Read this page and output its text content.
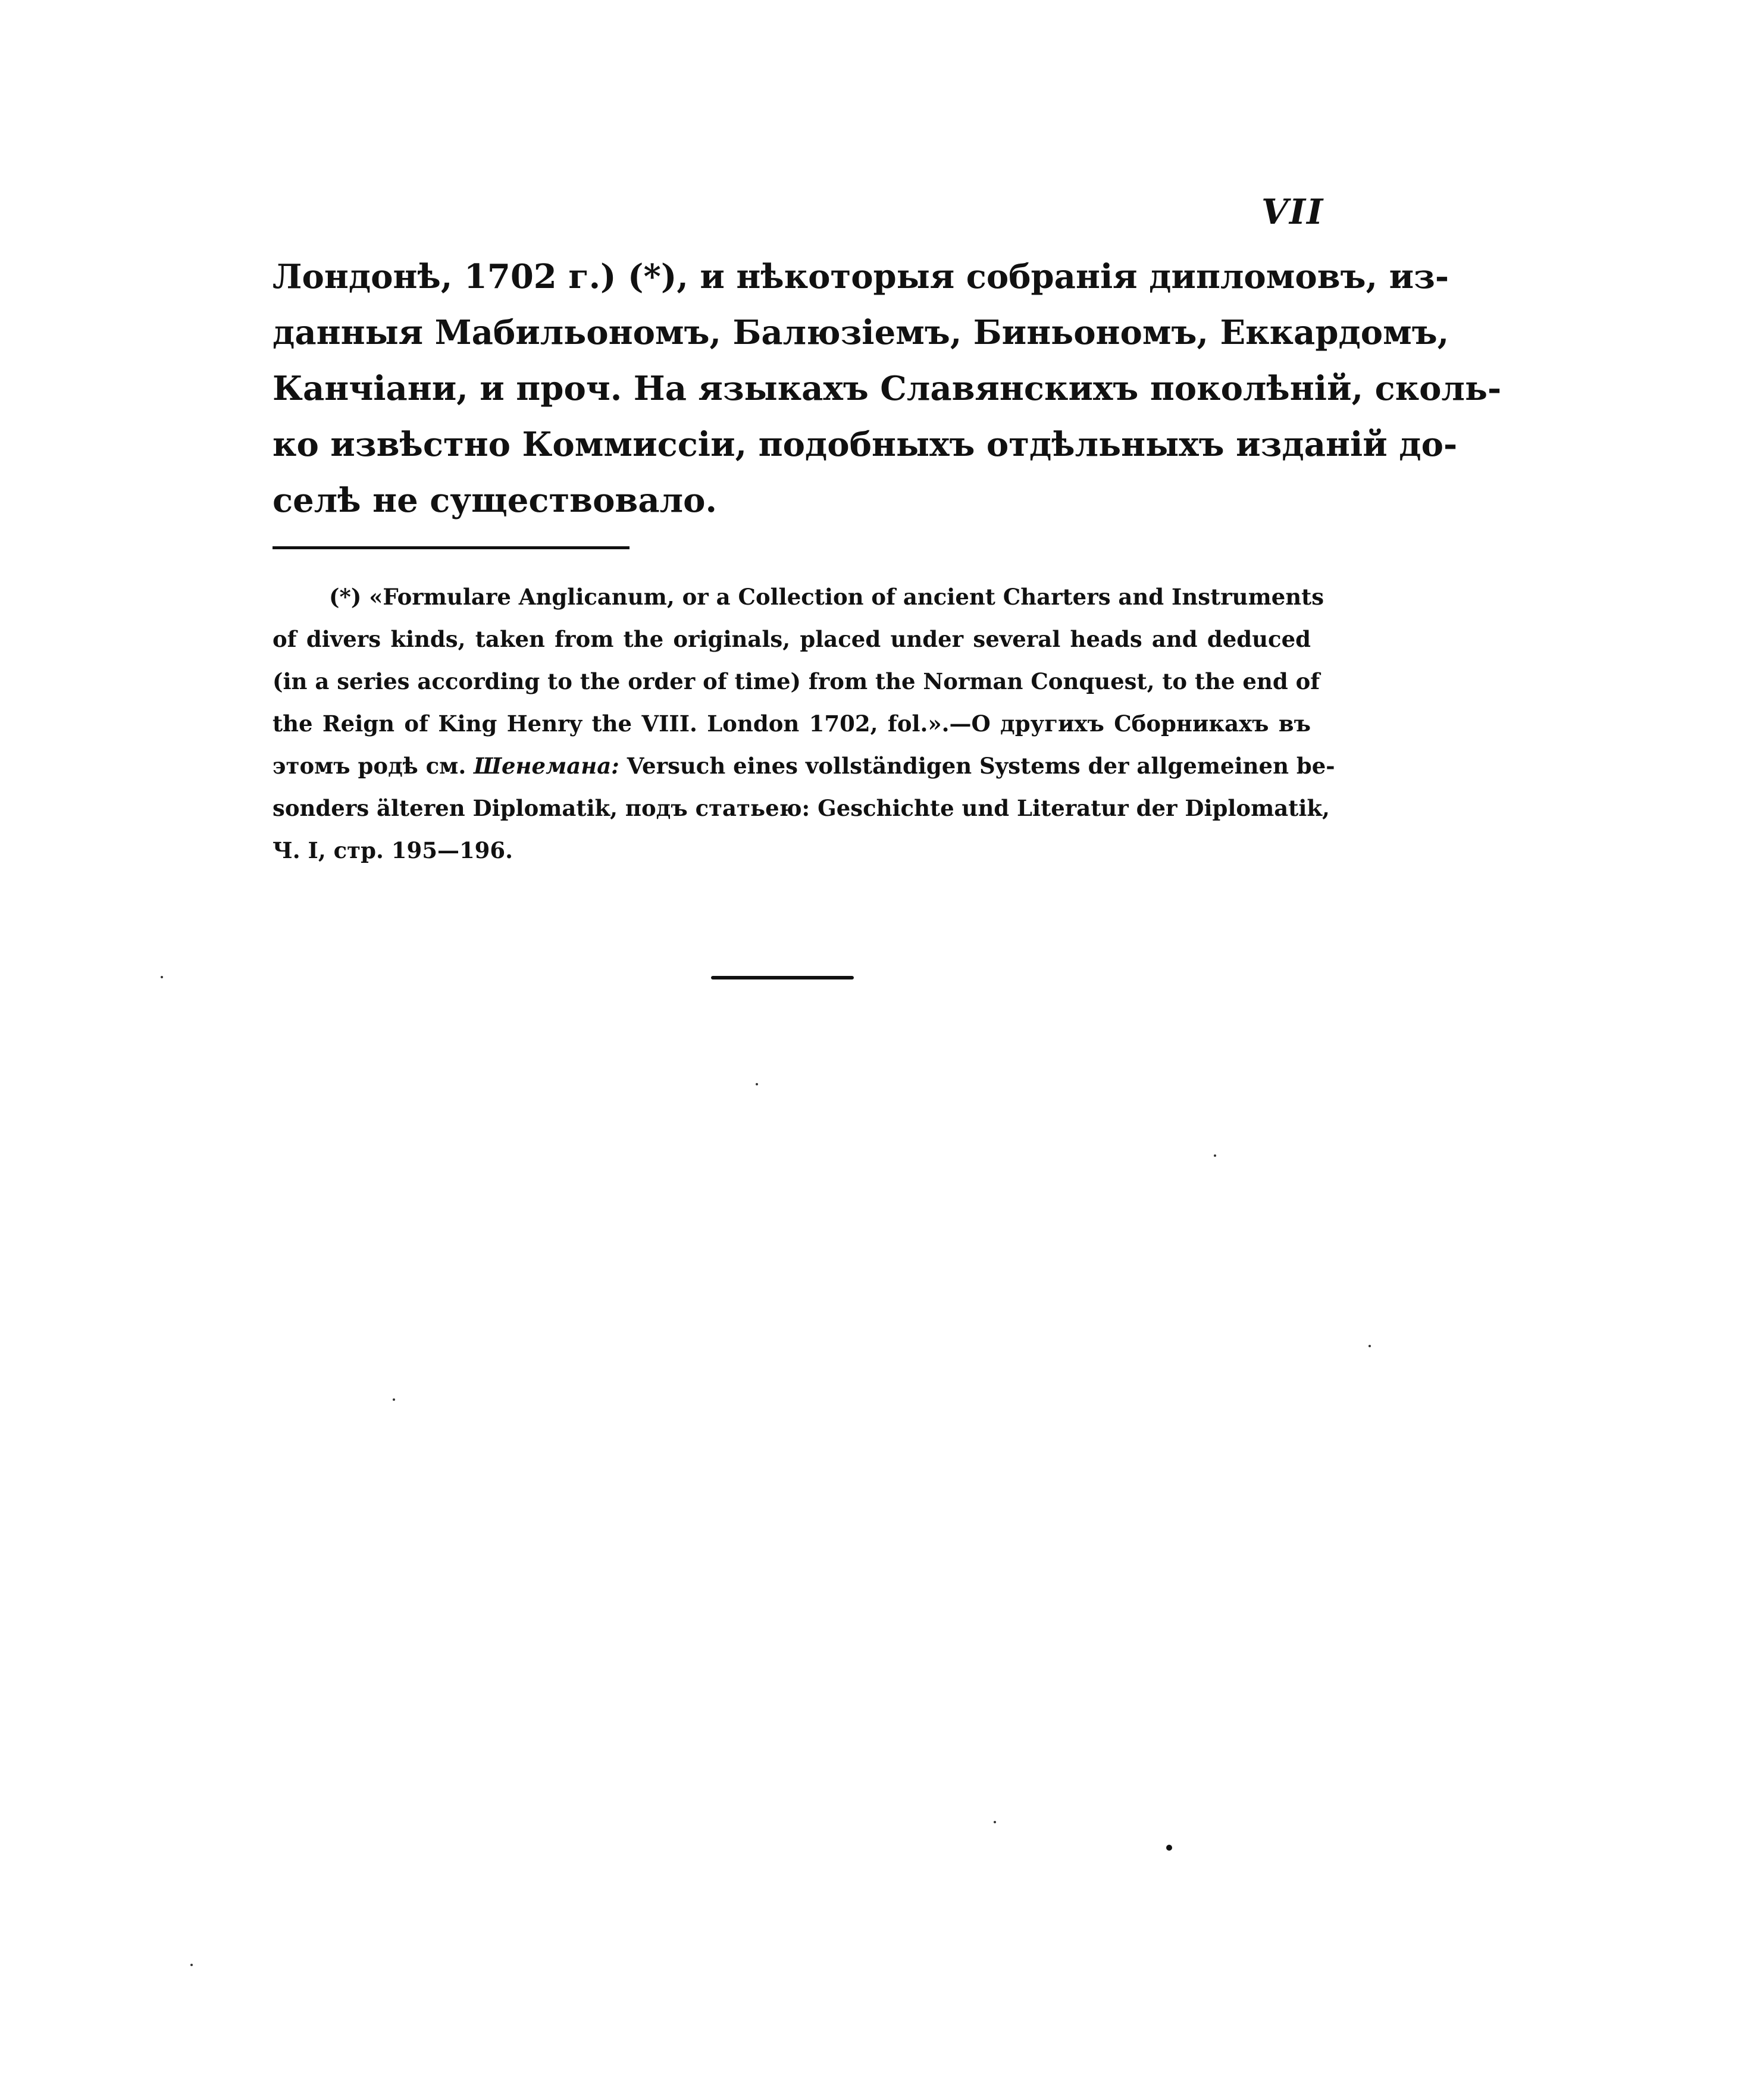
VII
Лондонѣ, 1702 г.) (*), и нѣкоторыя собранія дипломовъ, из-
данныя Мабильономъ, Балюзіемъ, Биньономъ, Еккардомъ,
Канчіани, и проч. На языкахъ Славянскихъ поколѣній, сколь-
ко извѣстно Коммиссіи, подобныхъ отдѣльныхъ изданій до-
селѣ не существовало.
(*) «Formulare Anglicanum, or a Collection of ancient Charters and Instruments
of divers kinds, taken from the originals, placed under several heads and deduced
(in a series according to the order of time) from the Norman Conquest, to the end of
the Reign of King Henry the VIII. London 1702, fol.».—О другихъ Сборникахъ въ
этомъ родѣ см. Шенемана: Versuch eines vollständigen Systems der allgemeinen be-
sonders älteren Diplomatik, подъ статьею: Geschichte und Literatur der Diplomatik,
Ч. I, стр. 195—196.
